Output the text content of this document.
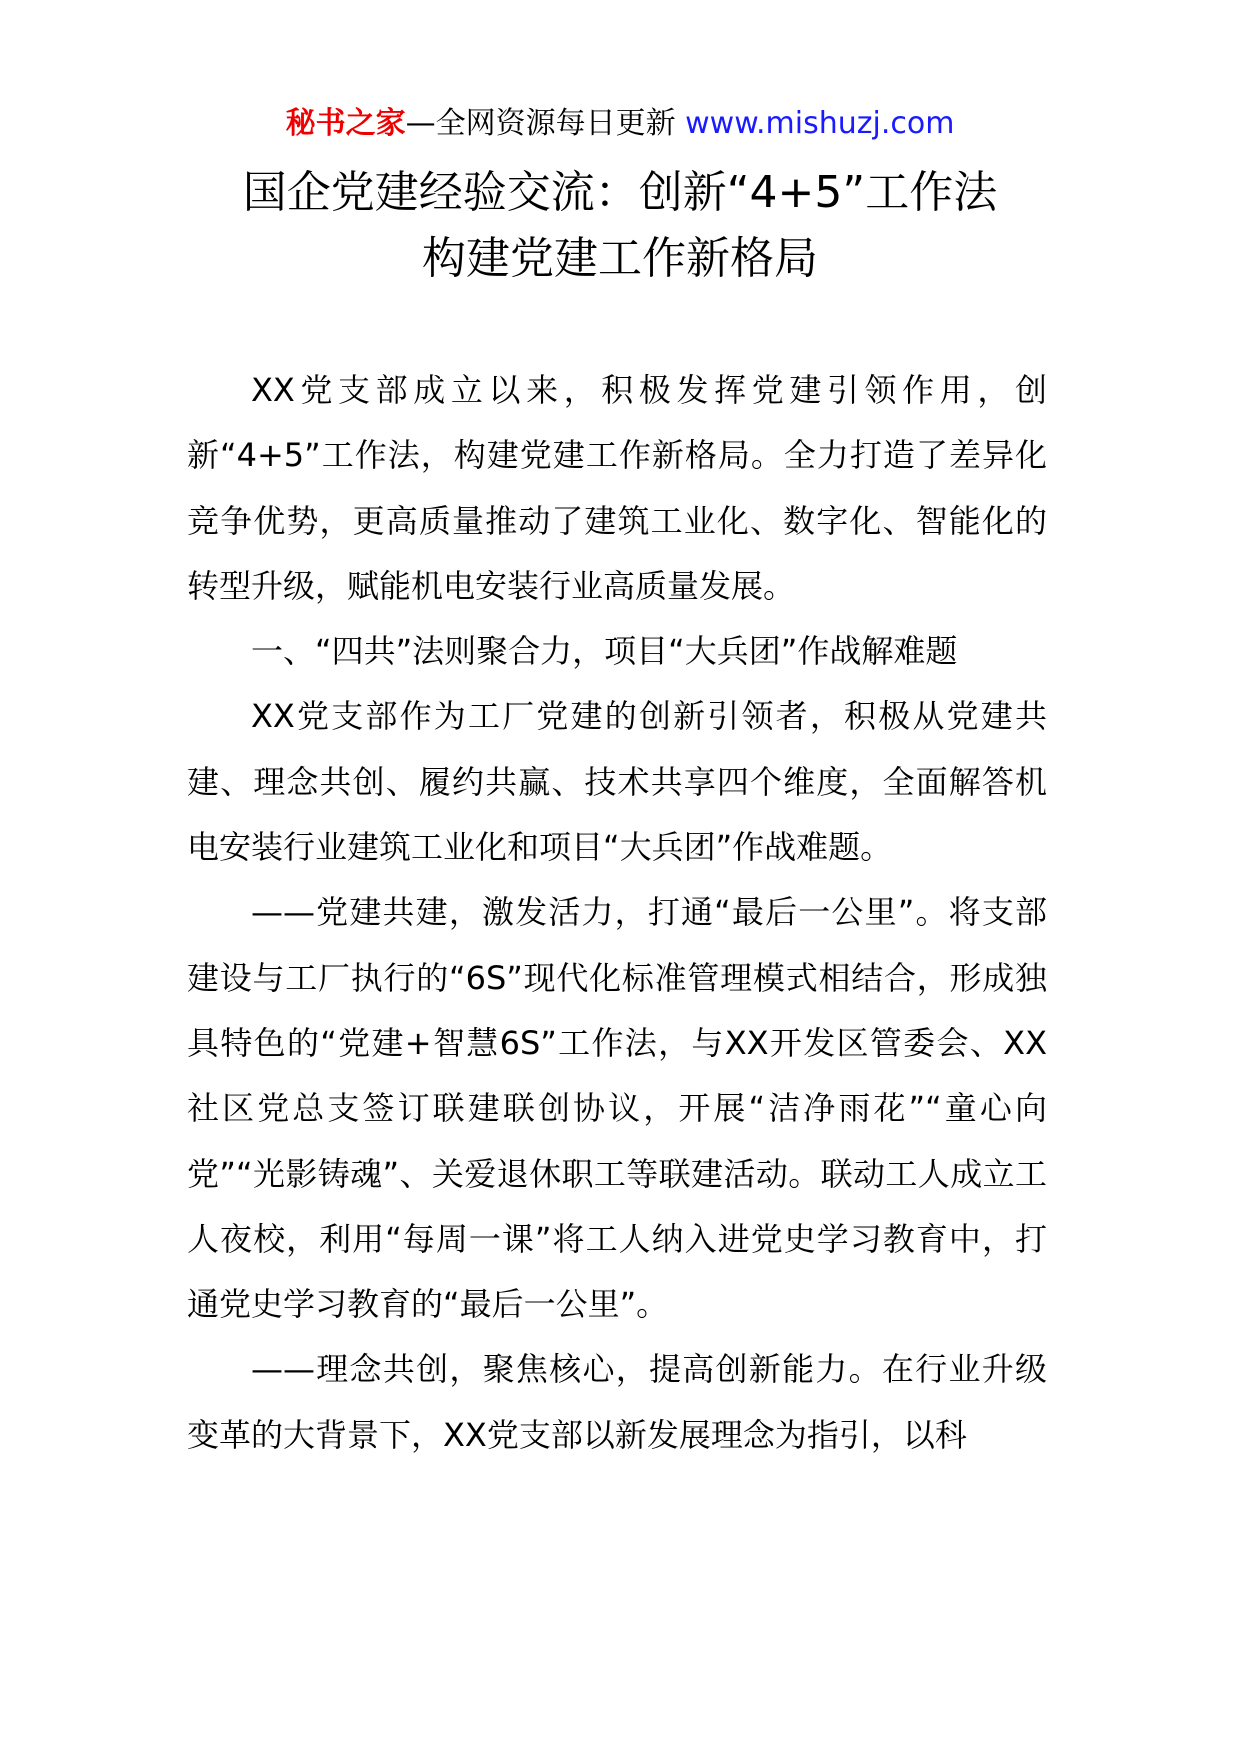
秘书之家—全网资源每日更新 www.mishuzj.com
国企党建经验交流：创新“4+5”工作法
构建党建工作新格局

XX党支部成立以来，积极发挥党建引领作用，创新“4+5”工作法，构建党建工作新格局。全力打造了差异化竞争优势，更高质量推动了建筑工业化、数字化、智能化的转型升级，赋能机电安装行业高质量发展。

一、“四共”法则聚合力，项目“大兵团”作战解难题

XX党支部作为工厂党建的创新引领者，积极从党建共建、理念共创、履约共赢、技术共享四个维度，全面解答机电安装行业建筑工业化和项目“大兵团”作战难题。

——党建共建，激发活力，打通“最后一公里”。将支部建设与工厂执行的“6S”现代化标准管理模式相结合，形成独具特色的“党建+智慧6S”工作法，与XX开发区管委会、XX社区党总支签订联建联创协议，开展“洁净雨花”“童心向党”“光影铸魂”、关爱退休职工等联建活动。联动工人成立工人夜校，利用“每周一课”将工人纳入进党史学习教育中，打通党史学习教育的“最后一公里”。

——理念共创，聚焦核心，提高创新能力。在行业升级变革的大背景下，XX党支部以新发展理念为指引，以科
